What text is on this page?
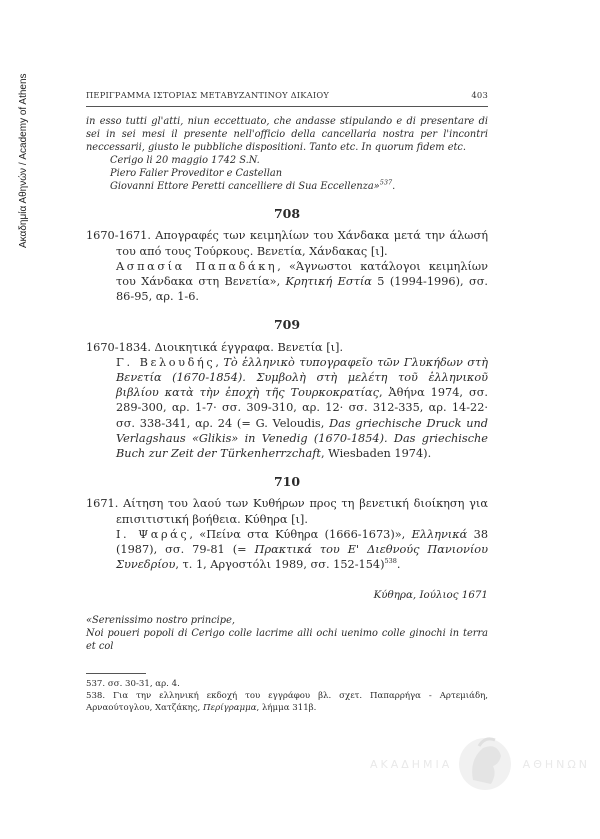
Ακαδημία Αθηνών / Academy of Athens	ΠΕΡΙΓΡΑΜΜΑ ΙΣΤΟΡΙΑΣ ΜΕΤΑΒΥΖΑΝΤΙΝΟΥ ΔΙΚΑΙΟΥ	403

in esso tutti gl'atti, niun eccettuato, che andasse stipulando e di presentare di sei in sei mesi il presente nell'officio della cancellaria nostra per l'incontri neccessarii, giusto le pubbliche dispositioni. Tanto etc. In quorum fidem etc.

Cerigo li 20 maggio 1742 S.N.

Piero Falier Proveditor e Castellan

Giovanni Ettore Peretti cancelliere di Sua Eccellenza»$^{537}$.

708

1670-1671. Απογραφές των κειμηλίων του Χάνδακα μετά την άλωσή του από τους Τούρκους. Βενετία, Χάνδακας [ι].

Ασπασία Παπαδάκη, «Άγνωστοι κατάλογοι κειμηλίων του Χάνδακα στη Βενετία», Κρητική Εστία 5 (1994-1996), σσ. 86-95, αρ. 1-6.

709

1670-1834. Διοικητικά έγγραφα. Βενετία [ι].

Γ. Βελουδής, Τὸ ἑλληνικὸ τυπογραφεῖο τῶν Γλυκήδων στὴ Βενετία (1670-1854). Συμβολὴ στὴ μελέτη τοῦ ἑλληνικοῦ βιβλίου κατὰ τὴν ἐποχὴ τῆς Τουρκοκρατίας, Ἀθήνα 1974, σσ. 289-300, αρ. 1-7· σσ. 309-310, αρ. 12· σσ. 312-335, αρ. 14-22· σσ. 338-341, αρ. 24 (= G. Veloudis, Das griechische Druck und Verlagshaus «Glikis» in Venedig (1670-1854). Das griechische Buch zur Zeit der Türkenherrzchaft, Wiesbaden 1974).

710

1671. Αίτηση του λαού των Κυθήρων προς τη βενετική διοίκηση για επισιτιστική βοήθεια. Κύθηρα [ι].

Ι. Ψαράς, «Πείνα στα Κύθηρα (1666-1673)», Ελληνικά 38 (1987), σσ. 79-81 (= Πρακτικά του Ε' Διεθνούς Πανιονίου Συνεδρίου, τ. 1, Αργοστόλι 1989, σσ. 152-154)$^{538}$.

Κύθηρα, Ιούλιος 1671

«Serenissimo nostro principe,

Noi poueri popoli di Cerigo colle lacrime alli ochi uenimo colle ginochi in terra et col

537. σσ. 30-31, αρ. 4.

538. Για την ελληνική εκδοχή του εγγράφου βλ. σχετ. Παπαρρήγα - Αρτεμιάδη, Αρναούτογλου, Χατζάκης, Περίγραμμα, λήμμα 311β.

ΑΚΑΔΗΜΙΑ	ΑΘΗΝΩΝ
